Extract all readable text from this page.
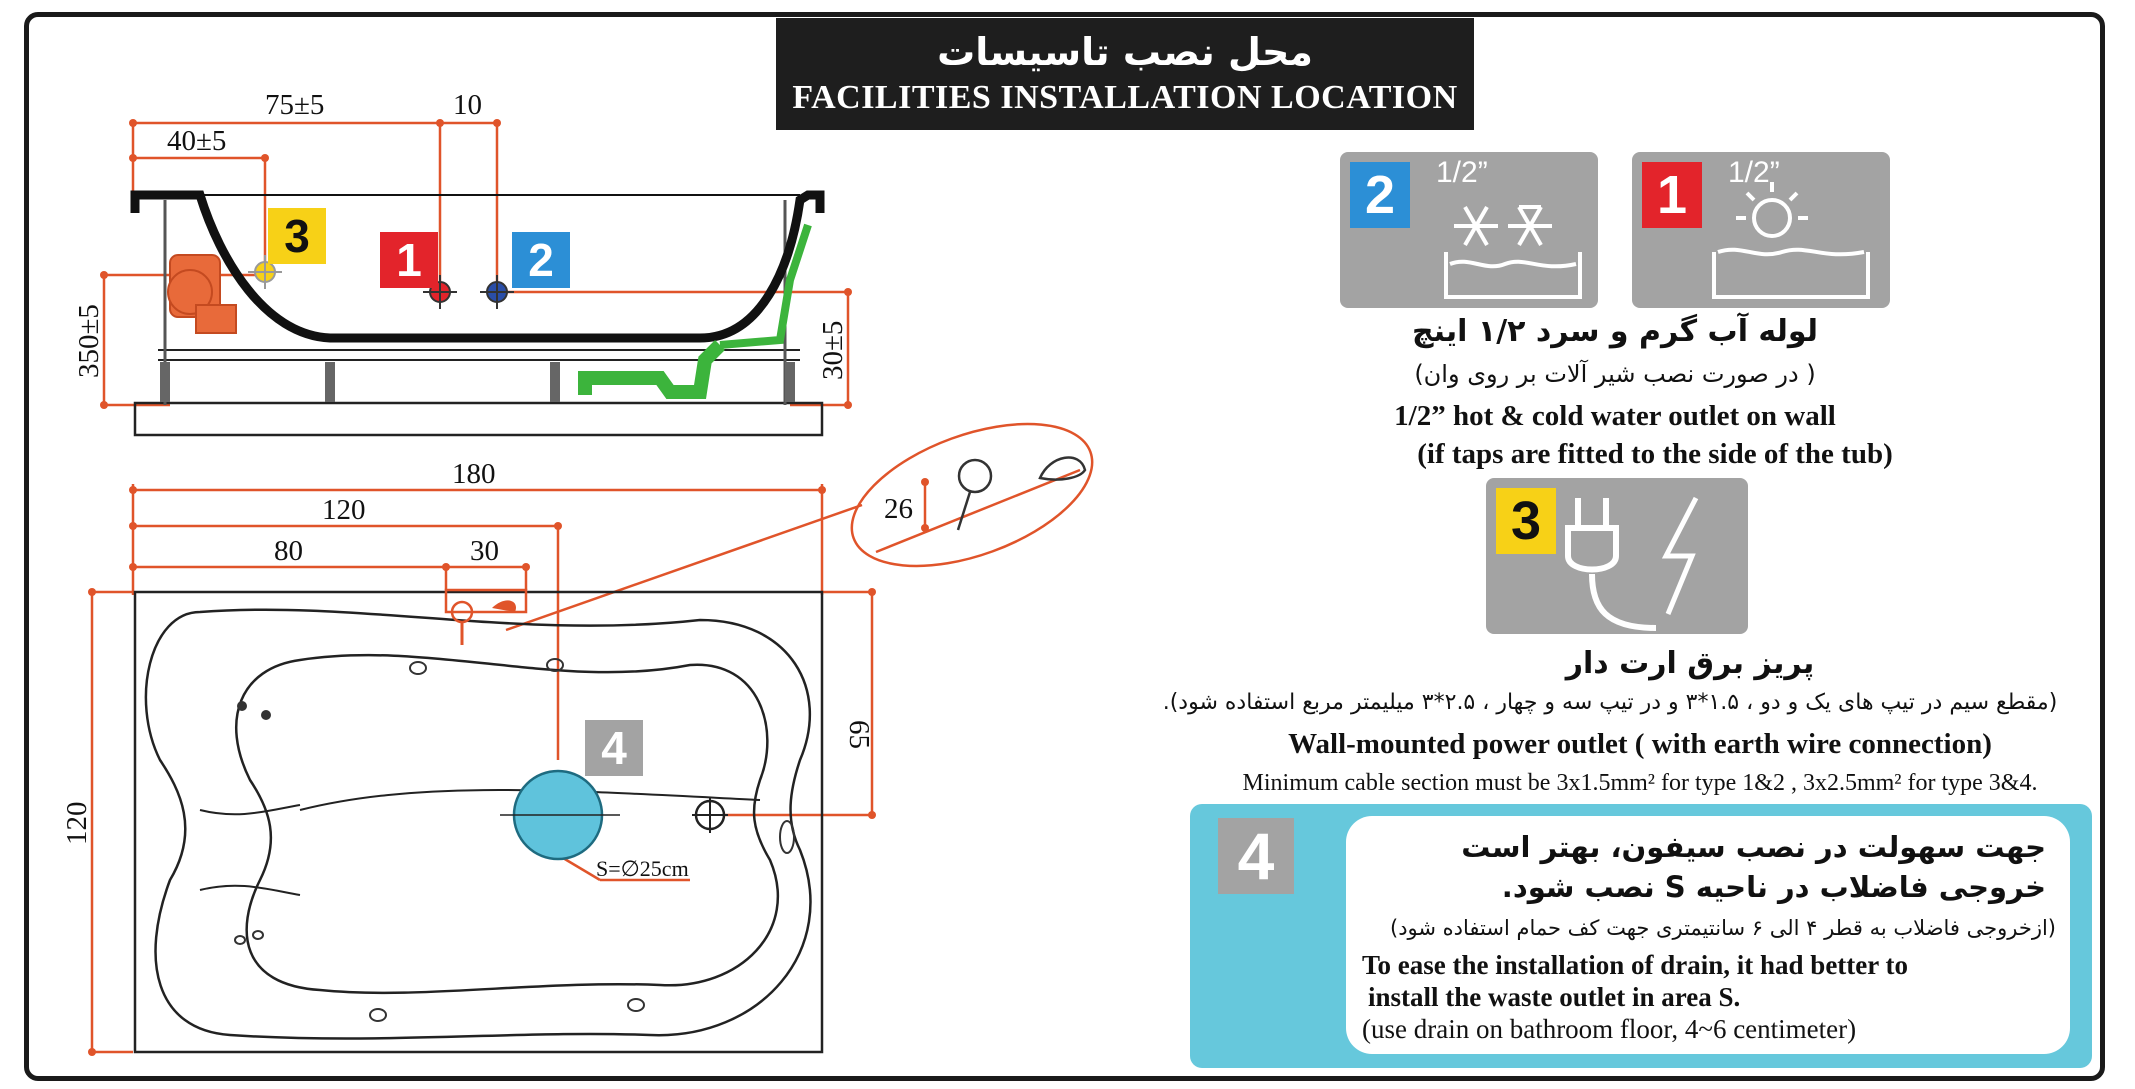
محل نصب تاسیسات
FACILITIES INSTALLATION LOCATION
75±5	10
40±5
350±5	30±5
180
120
80	30
65
120
26
S=∅25cm
3	1	2
4
2	1/2”	1	1/2”
لوله آب گرم و سرد ۱/۲ اینچ
( در صورت نصب شیر آلات بر روی وان)
1/2” hot & cold water outlet on wall
(if taps are fitted to the side of the tub)
3
پریز برق ارت دار
(مقطع سیم در تیپ های یک و دو ، ۱.۵*۳ و در تیپ سه و چهار ، ۲.۵*۳ میلیمتر مربع استفاده شود).
Wall-mounted power outlet ( with earth wire connection)
Minimum cable section must be 3x1.5mm² for type 1&2 , 3x2.5mm² for type 3&4.
4	جهت سهولت در نصب سیفون، بهتر است
خروجی فاضلاب در ناحیه S نصب شود.
(ازخروجی فاضلاب به قطر ۴ الی ۶ سانتیمتری جهت کف حمام استفاده شود)
To ease the installation of drain, it had better to
install the waste outlet in area S.
(use drain on bathroom floor, 4~6 centimeter)
